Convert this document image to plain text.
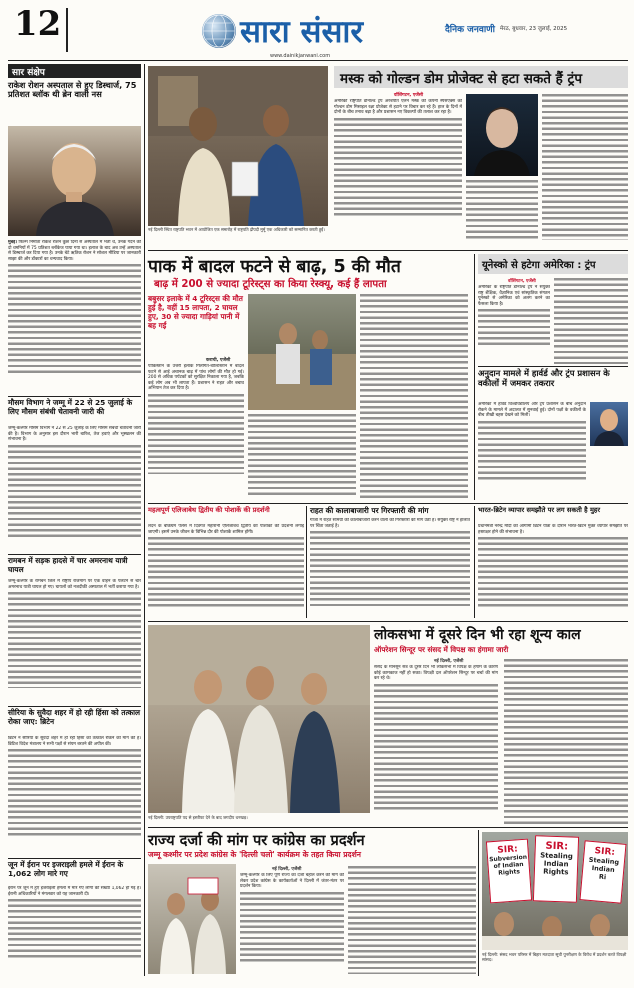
12	सारा संसार	दैनिक जनवाणी मेरठ, बुधवार, 23 जुलाई, 2025
www.dainikjanwani.com
सार संक्षेप
राकेश रोशन अस्पताल से हुए डिस्चार्ज, 75 प्रतिशत ब्लॉक थी ब्रेन वाली नस
मुंबई। फिल्म निर्माता राकेश रोशन कुछ दिनों से अस्पताल में भर्ती थे, उनके गर्दन की दो धमनियों में 75 प्रतिशत ब्लॉकेज पाया गया था। इलाज के बाद अब उन्हें अस्पताल से डिस्चार्ज कर दिया गया है। उनके बेटे ऋतिक रोशन ने सोशल मीडिया पर जानकारी साझा की और डॉक्टरों का धन्यवाद किया।
मौसम विभाग ने जम्मू में 22 से 25 जुलाई के लिए मौसम संबंधी चेतावनी जारी की
जम्मू-कश्मीर मौसम विभाग ने 22 से 25 जुलाई के लिए मौसम संबंधी चेतावनी जारी की है। विभाग के अनुसार इस दौरान भारी बारिश, तेज हवाएं और भूस्खलन की संभावना है।
रामबन में सड़क हादसे में चार अमरनाथ यात्री घायल
जम्मू-कश्मीर के रामबन जिले में राष्ट्रीय राजमार्ग पर एक वाहन के पलटने से चार अमरनाथ यात्री घायल हो गए। घायलों को नजदीकी अस्पताल में भर्ती कराया गया है।
सीरिया के सुवैदा शहर में हो रही हिंसा को तत्काल रोका जाए: ब्रिटेन
ब्रिटेन ने सीरिया के सुवैदा शहर में हो रही हिंसा को तत्काल रोकने की मांग की है। ब्रिटिश विदेश मंत्रालय ने सभी पक्षों से संयम बरतने की अपील की।
जून में ईरान पर इजराइली हमले में ईरान के 1,062 लोग मारे गए
ईरान पर जून में हुए इजराइली हमलों में मारे गए लोगों की संख्या 1,062 हो गई है। ईरानी अधिकारियों ने मंगलवार को यह जानकारी दी।
नई दिल्ली स्थित राष्ट्रपति भवन में आयोजित एक समारोह में राष्ट्रपति द्रौपदी मुर्मू एक अधिकारी को सम्मानित करती हुईं।
मस्क को गोल्डन डोम प्रोजेक्ट से हटा सकते हैं ट्रंप
वॉशिंगटन, एजेंसी
अमेरिकी राष्ट्रपति डोनाल्ड ट्रंप अरबपति एलन मस्क की कंपनी स्पेसएक्स को गोल्डन डोम मिसाइल रक्षा प्रोजेक्ट से हटाने पर विचार कर रहे हैं। हाल के दिनों में दोनों के बीच तनाव बढ़ा है और प्रशासन नए विकल्पों की तलाश कर रहा है।
पाक में बादल फटने से बाढ़, 5 की मौत
बाढ़ में 200 से ज्यादा टूरिस्ट्स का किया रेस्क्यू, कई हैं लापता
बबुसर इलाके में 4 टूरिस्ट्स की मौत हुई है, वहीं 15 लापता, 2 घायल हुए, 30 से ज्यादा गाड़ियां पानी में बह गईं
कराची, एजेंसी
पाकिस्तान के उत्तरी इलाके गिलगित-बाल्टिस्तान में बादल फटने से आई अचानक बाढ़ में पांच लोगों की मौत हो गई। 200 से अधिक पर्यटकों को सुरक्षित निकाला गया है, जबकि कई लोग अब भी लापता हैं। प्रशासन ने राहत और बचाव अभियान तेज कर दिया है।
यूनेस्को से हटेगा अमेरिका : ट्रंप
वॉशिंगटन, एजेंसी
अमेरिका के राष्ट्रपति डोनाल्ड ट्रंप ने संयुक्त राष्ट्र शैक्षिक, वैज्ञानिक एवं सांस्कृतिक संगठन यूनेस्को से अमेरिका को अलग करने का फैसला किया है।
अनुदान मामले में हार्वर्ड और ट्रंप प्रशासन के वकीलों में जमकर तकरार
अमेरिका में हार्वर्ड विश्वविद्यालय और ट्रंप प्रशासन के बीच अनुदान रोकने के मामले में अदालत में सुनवाई हुई। दोनों पक्षों के वकीलों के बीच तीखी बहस देखने को मिली।
महत्वपूर्ण एलिजाबेथ द्वितीय की पोशाकें की प्रदर्शनी
लंदन के बकिंघम पैलेस में दिवंगत महारानी एलिजाबेथ द्वितीय की पोशाकों की प्रदर्शनी लगाई जाएगी। इसमें उनके जीवन के विभिन्न दौर की पोशाकें शामिल होंगी।
राहत की कालाबाजारी पर गिरफ्तारी की मांग
गाजा में राहत सामग्री की कालाबाजारी करने वालों की गिरफ्तारी की मांग उठी है। संयुक्त राष्ट्र ने हालात पर चिंता जताई है।
भारत-ब्रिटेन व्यापार समझौते पर लग सकती है मुहर
प्रधानमंत्री नरेन्द्र मोदी की आगामी ब्रिटेन यात्रा के दौरान भारत-ब्रिटेन मुक्त व्यापार समझौते पर हस्ताक्षर होने की संभावना है।
नई दिल्ली: उपराष्ट्रपति पद से इस्तीफा देने के बाद जगदीप धनखड़।
लोकसभा में दूसरे दिन भी रहा शून्य काल
ऑपरेशन सिन्दूर पर संसद में विपक्ष का हंगामा जारी
नई दिल्ली, एजेंसी
संसद के मानसून सत्र के दूसरे दिन भी लोकसभा में विपक्ष के हंगामे के कारण कोई कामकाज नहीं हो सका। विपक्षी दल ऑपरेशन सिन्दूर पर चर्चा की मांग कर रहे थे।
राज्य दर्जा की मांग पर कांग्रेस का प्रदर्शन
जम्मू कश्मीर पर प्रदेश कांग्रेस के 'दिल्ली चलो' कार्यक्रम के तहत किया प्रदर्शन
नई दिल्ली, एजेंसी
जम्मू-कश्मीर के लिए पूर्ण राज्य का दर्जा बहाल करने की मांग को लेकर प्रदेश कांग्रेस के कार्यकर्ताओं ने दिल्ली में जंतर-मंतर पर प्रदर्शन किया।
SIR:
Subversion
of Indian
Rights
SIR:
Stealing
Indian
Rights
SIR:
Stealing
Indian
Ri
नई दिल्ली: संसद भवन परिसर में बिहार मतदाता सूची पुनरीक्षण के विरोध में प्रदर्शन करते विपक्षी सांसद।
